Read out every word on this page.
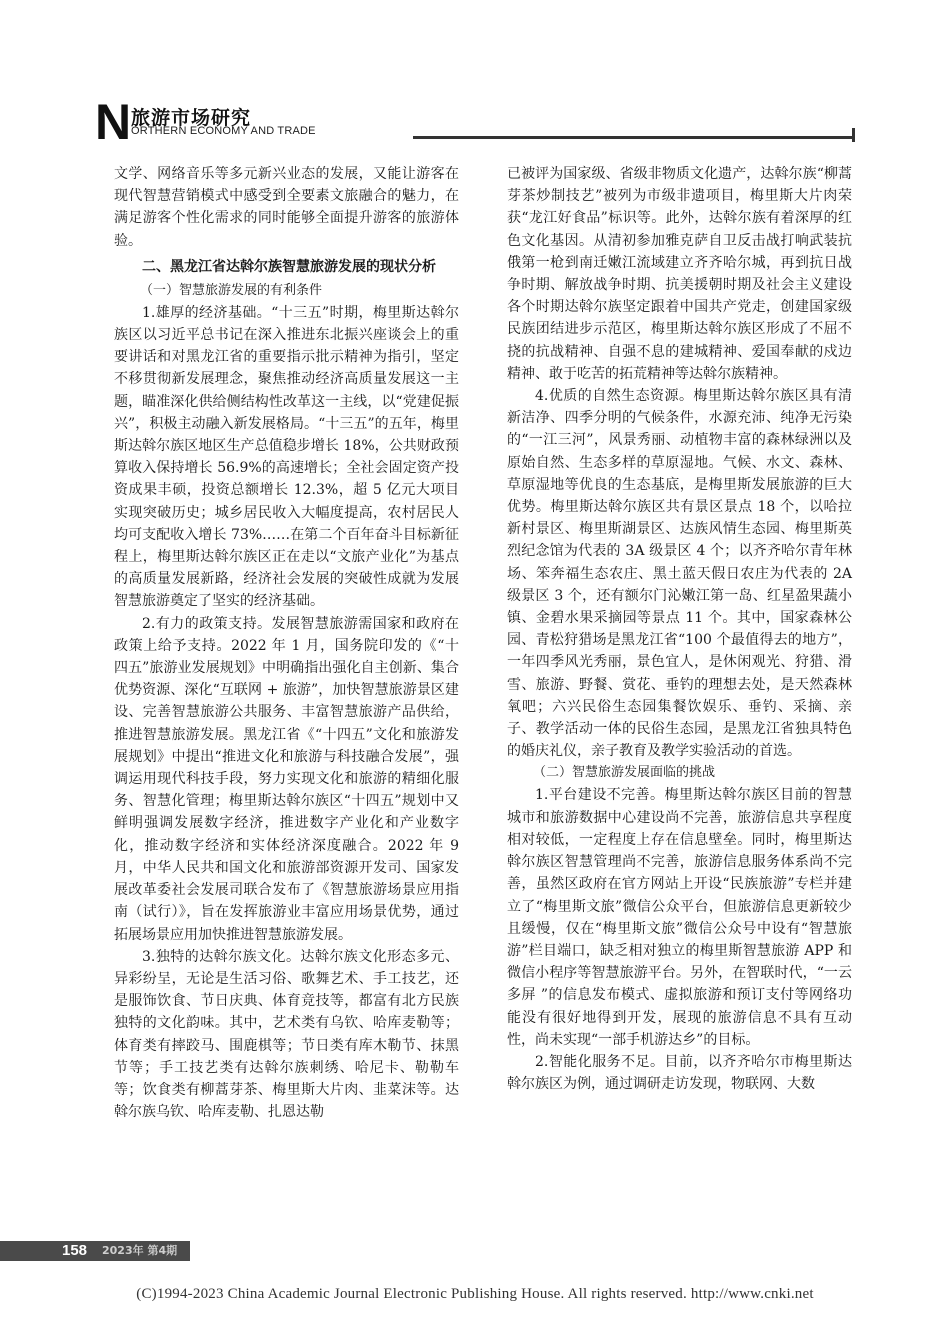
N 旅游市场研究
ORTHERN ECONOMY AND TRADE

文学、网络音乐等多元新兴业态的发展，又能让游客在现代智慧营销模式中感受到全要素文旅融合的魅力，在满足游客个性化需求的同时能够全面提升游客的旅游体验。

二、黑龙江省达斡尔族智慧旅游发展的现状分析
（一）智慧旅游发展的有利条件

1.雄厚的经济基础。“十三五”时期，梅里斯达斡尔族区以习近平总书记在深入推进东北振兴座谈会上的重要讲话和对黑龙江省的重要指示批示精神为指引，坚定不移贯彻新发展理念，聚焦推动经济高质量发展这一主题，瞄准深化供给侧结构性改革这一主线，以“党建促振兴”，积极主动融入新发展格局。“十三五”的五年，梅里斯达斡尔族区地区生产总值稳步增长 18%，公共财政预算收入保持增长 56.9%的高速增长；全社会固定资产投资成果丰硕，投资总额增长 12.3%，超 5 亿元大项目实现突破历史；城乡居民收入大幅度提高，农村居民人均可支配收入增长 73%……在第二个百年奋斗目标新征程上，梅里斯达斡尔族区正在走以“文旅产业化”为基点的高质量发展新路，经济社会发展的突破性成就为发展智慧旅游奠定了坚实的经济基础。

2.有力的政策支持。发展智慧旅游需国家和政府在政策上给予支持。2022 年 1 月，国务院印发的《“十四五”旅游业发展规划》中明确指出强化自主创新、集合优势资源、深化“互联网 + 旅游”，加快智慧旅游景区建设、完善智慧旅游公共服务、丰富智慧旅游产品供给，推进智慧旅游发展。黑龙江省《“十四五”文化和旅游发展规划》中提出“推进文化和旅游与科技融合发展”，强调运用现代科技手段，努力实现文化和旅游的精细化服务、智慧化管理；梅里斯达斡尔族区“十四五”规划中又鲜明强调发展数字经济，推进数字产业化和产业数字化，推动数字经济和实体经济深度融合。2022 年 9 月，中华人民共和国文化和旅游部资源开发司、国家发展改革委社会发展司联合发布了《智慧旅游场景应用指南（试行）》，旨在发挥旅游业丰富应用场景优势，通过拓展场景应用加快推进智慧旅游发展。

3.独特的达斡尔族文化。达斡尔族文化形态多元、异彩纷呈，无论是生活习俗、歌舞艺术、手工技艺，还是服饰饮食、节日庆典、体育竞技等，都富有北方民族独特的文化韵味。其中，艺术类有乌钦、哈库麦勒等；体育类有摔跤马、围鹿棋等；节日类有库木勒节、抹黑节等；手工技艺类有达斡尔族刺绣、哈尼卡、勒勒车等；饮食类有柳蒿芽茶、梅里斯大片肉、韭菜沫等。达斡尔族乌钦、哈库麦勒、扎恩达勒

已被评为国家级、省级非物质文化遗产，达斡尔族“柳蒿芽茶炒制技艺”被列为市级非遗项目，梅里斯大片肉荣获“龙江好食品”标识等。此外，达斡尔族有着深厚的红色文化基因。从清初参加雅克萨自卫反击战打响武装抗俄第一枪到南迁嫩江流域建立齐齐哈尔城，再到抗日战争时期、解放战争时期、抗美援朝时期及社会主义建设各个时期达斡尔族坚定跟着中国共产党走，创建国家级民族团结进步示范区，梅里斯达斡尔族区形成了不屈不挠的抗战精神、自强不息的建城精神、爱国奉献的戍边精神、敢于吃苦的拓荒精神等达斡尔族精神。

4.优质的自然生态资源。梅里斯达斡尔族区具有清新洁净、四季分明的气候条件，水源充沛、纯净无污染的“一江三河”，风景秀丽、动植物丰富的森林绿洲以及原始自然、生态多样的草原湿地。气候、水文、森林、草原湿地等优良的生态基底，是梅里斯发展旅游的巨大优势。梅里斯达斡尔族区共有景区景点 18 个，以哈拉新村景区、梅里斯湖景区、达族风情生态园、梅里斯英烈纪念馆为代表的 3A 级景区 4 个；以齐齐哈尔青年林场、笨奔福生态农庄、黑土蓝天假日农庄为代表的 2A 级景区 3 个，还有额尔门沁嫩江第一岛、红星盈果蔬小镇、金碧水果采摘园等景点 11 个。其中，国家森林公园、青松狩猎场是黑龙江省“100 个最值得去的地方”，一年四季风光秀丽，景色宜人，是休闲观光、狩猎、滑雪、旅游、野餐、赏花、垂钓的理想去处，是天然森林氧吧；六兴民俗生态园集餐饮娱乐、垂钓、采摘、亲子、教学活动一体的民俗生态园，是黑龙江省独具特色的婚庆礼仪，亲子教育及教学实验活动的首选。

（二）智慧旅游发展面临的挑战

1.平台建设不完善。梅里斯达斡尔族区目前的智慧城市和旅游数据中心建设尚不完善，旅游信息共享程度相对较低，一定程度上存在信息壁垒。同时，梅里斯达斡尔族区智慧管理尚不完善，旅游信息服务体系尚不完善，虽然区政府在官方网站上开设“民族旅游”专栏并建立了“梅里斯文旅”微信公众平台，但旅游信息更新较少且缓慢，仅在“梅里斯文旅”微信公众号中设有“智慧旅游”栏目端口，缺乏相对独立的梅里斯智慧旅游 APP 和微信小程序等智慧旅游平台。另外，在智联时代，“一云多屏 ”的信息发布模式、虚拟旅游和预订支付等网络功能没有很好地得到开发，展现的旅游信息不具有互动性，尚未实现“一部手机游达乡”的目标。

2.智能化服务不足。目前，以齐齐哈尔市梅里斯达斡尔族区为例，通过调研走访发现，物联网、大数

158	2023年 第4期
(C)1994-2023 China Academic Journal Electronic Publishing House. All rights reserved. http://www.cnki.net
